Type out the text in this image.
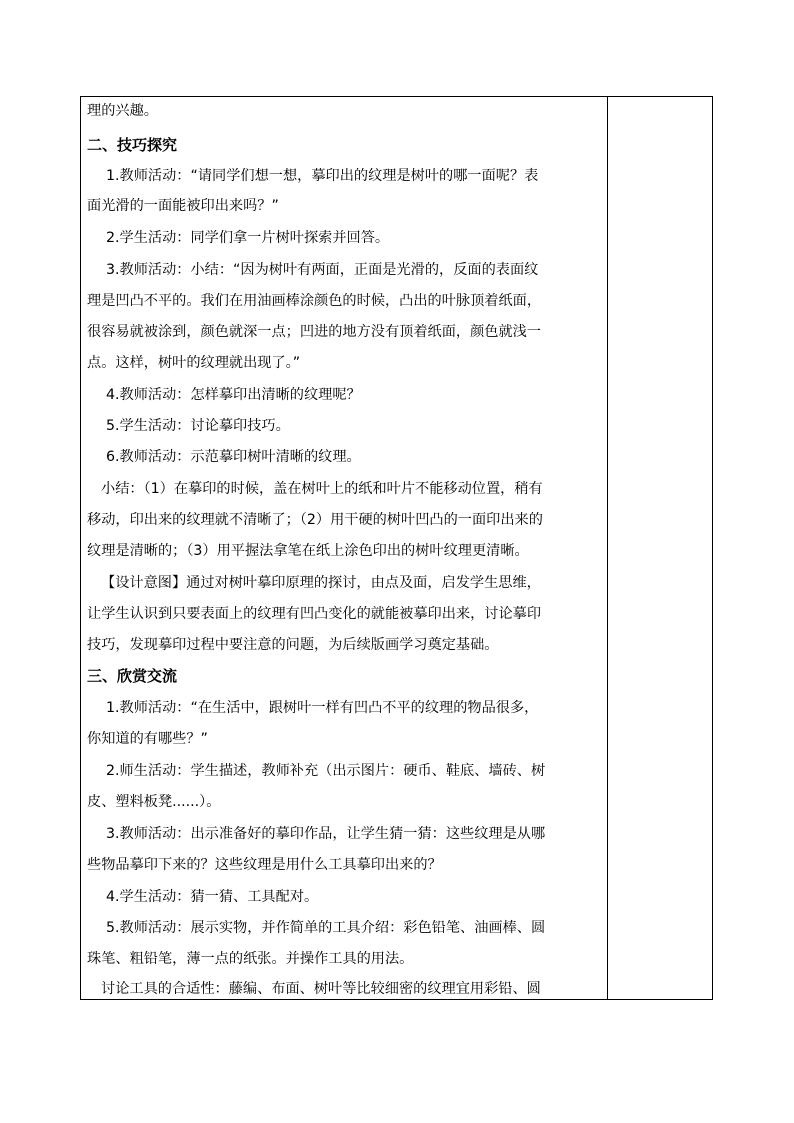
理的兴趣。
二、技巧探究
1.教师活动：“请同学们想一想，摹印出的纹理是树叶的哪一面呢？表
面光滑的一面能被印出来吗？”
2.学生活动：同学们拿一片树叶探索并回答。
3.教师活动：小结：“因为树叶有两面，正面是光滑的，反面的表面纹
理是凹凸不平的。我们在用油画棒涂颜色的时候，凸出的叶脉顶着纸面，
很容易就被涂到，颜色就深一点；凹进的地方没有顶着纸面，颜色就浅一
点。这样，树叶的纹理就出现了。”
4.教师活动：怎样摹印出清晰的纹理呢？
5.学生活动：讨论摹印技巧。
6.教师活动：示范摹印树叶清晰的纹理。
小结：（1）在摹印的时候，盖在树叶上的纸和叶片不能移动位置，稍有
移动，印出来的纹理就不清晰了；（2）用干硬的树叶凹凸的一面印出来的
纹理是清晰的；（3）用平握法拿笔在纸上涂色印出的树叶纹理更清晰。
【设计意图】通过对树叶摹印原理的探讨，由点及面，启发学生思维，
让学生认识到只要表面上的纹理有凹凸变化的就能被摹印出来，讨论摹印
技巧，发现摹印过程中要注意的问题，为后续版画学习奠定基础。
三、欣赏交流
1.教师活动：“在生活中，跟树叶一样有凹凸不平的纹理的物品很多，
你知道的有哪些？”
2.师生活动：学生描述，教师补充（出示图片：硬币、鞋底、墙砖、树
皮、塑料板凳......）。
3.教师活动：出示准备好的摹印作品，让学生猜一猜：这些纹理是从哪
些物品摹印下来的？这些纹理是用什么工具摹印出来的？
4.学生活动：猜一猜、工具配对。
5.教师活动：展示实物，并作简单的工具介绍：彩色铅笔、油画棒、圆
珠笔、粗铅笔，薄一点的纸张。并操作工具的用法。
讨论工具的合适性：藤编、布面、树叶等比较细密的纹理宜用彩铅、圆
